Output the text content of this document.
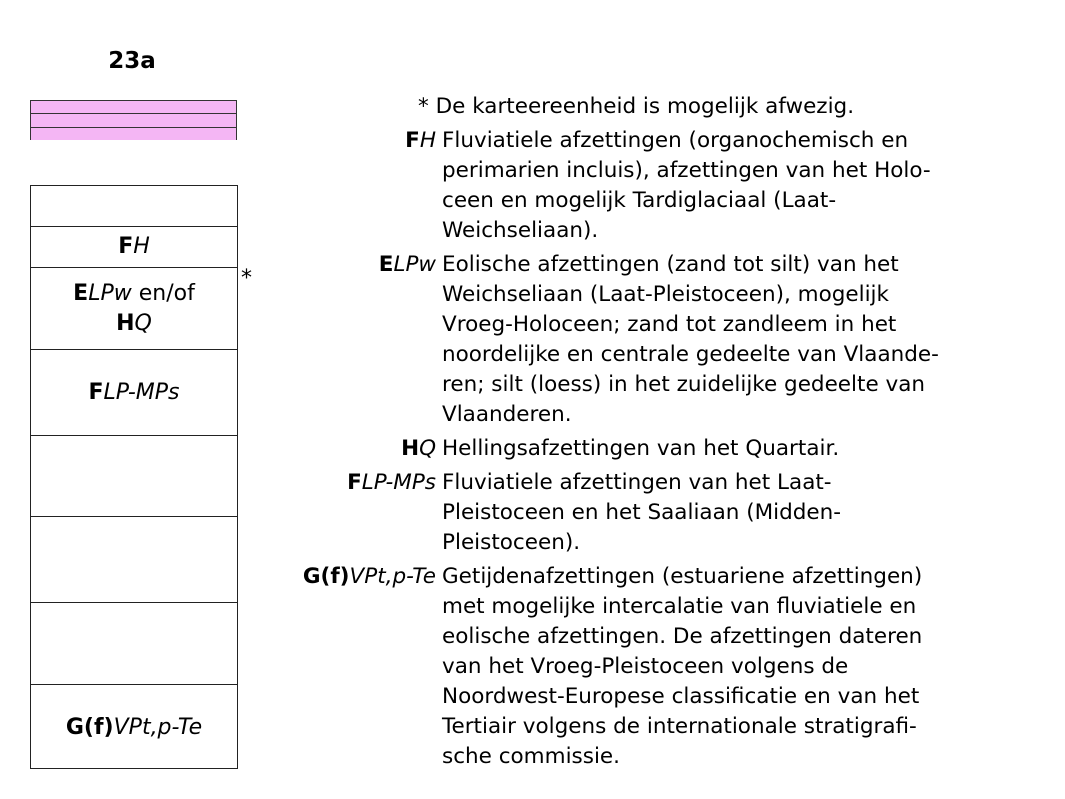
23a
FH
ELPw en/of
HQ
FLP-MPs
G(f)VPt,p-Te
*
* De karteereenheid is mogelijk afwezig.
FH Fluviatiele afzettingen (organochemisch en
perimarien incluis), afzettingen van het Holo-
ceen en mogelijk Tardiglaciaal (Laat-
Weichseliaan).
ELPw Eolische afzettingen (zand tot silt) van het
Weichseliaan (Laat-Pleistoceen), mogelijk
Vroeg-Holoceen; zand tot zandleem in het
noordelijke en centrale gedeelte van Vlaande-
ren; silt (loess) in het zuidelijke gedeelte van
Vlaanderen.
HQ Hellingsafzettingen van het Quartair.
FLP-MPs Fluviatiele afzettingen van het Laat-
Pleistoceen en het Saaliaan (Midden-
Pleistoceen).
G(f)VPt,p-Te Getijdenafzettingen (estuariene afzettingen)
met mogelijke intercalatie van fluviatiele en
eolische afzettingen. De afzettingen dateren
van het Vroeg-Pleistoceen volgens de
Noordwest-Europese classificatie en van het
Tertiair volgens de internationale stratigrafi-
sche commissie.
